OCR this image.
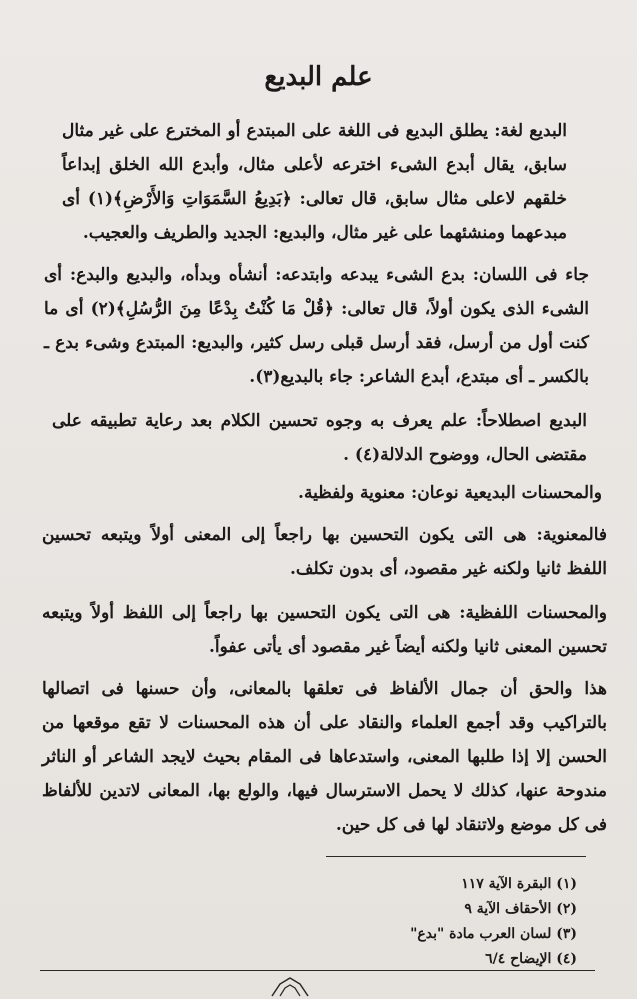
علم البديع

البديع لغة: يطلق البديع فى اللغة على المبتدع أو المخترع على غير مثال سابق، يقال أبدع الشىء اخترعه لأعلى مثال، وأبدع الله الخلق إبداعاً خلقهم لاعلى مثال سابق، قال تعالى: ﴿بَدِيعُ السَّمَوَاتِ وَالأَرْضِ﴾(١) أى مبدعهما ومنشئهما على غير مثال، والبديع: الجديد والطريف والعجيب.

جاء فى اللسان: بدع الشىء يبدعه وابتدعه: أنشأه وبدأه، والبديع والبدع: أى الشىء الذى يكون أولاً، قال تعالى: ﴿قُلْ مَا كُنْتُ بِدْعًا مِنَ الرُّسُلِ﴾(٢) أى ما كنت أول من أرسل، فقد أرسل قبلى رسل كثير، والبديع: المبتدع وشىء بدع ـ بالكسر ـ أى مبتدع، أبدع الشاعر: جاء بالبديع(٣).

البديع اصطلاحاً: علم يعرف به وجوه تحسين الكلام بعد رعاية تطبيقه على مقتضى الحال، ووضوح الدلالة(٤) .

والمحسنات البديعية نوعان: معنوية ولفظية.

فالمعنوية: هى التى يكون التحسين بها راجعاً إلى المعنى أولاً ويتبعه تحسين اللفظ ثانيا ولكنه غير مقصود، أى بدون تكلف.

والمحسنات اللفظية: هى التى يكون التحسين بها راجعاً إلى اللفظ أولاً ويتبعه تحسين المعنى ثانيا ولكنه أيضاً غير مقصود أى يأتى عفواً.

هذا والحق أن جمال الألفاظ فى تعلقها بالمعانى، وأن حسنها فى اتصالها بالتراكيب وقد أجمع العلماء والنقاد على أن هذه المحسنات لا تقع موقعها من الحسن إلا إذا طلبها المعنى، واستدعاها فى المقام بحيث لايجد الشاعر أو الناثر مندوحة عنها، كذلك لا يحمل الاسترسال فيها، والولع بها، المعانى لاتدين للألفاظ فى كل موضع ولاتنقاد لها فى كل حين.

(١) البقرة الآية ١١٧
(٢) الأحقاف الآية ٩
(٣) لسان العرب مادة "بدع"
(٤) الإيضاح ٦/٤
